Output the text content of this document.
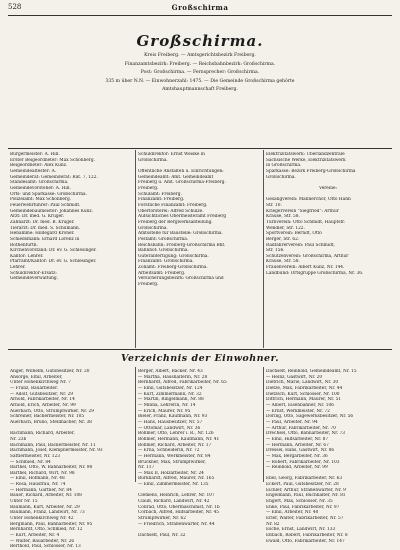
528	Großschirma
Großschirma.
Kreis Freiberg. — Amtsgerichtsbezirk Freiberg.
Finanzamtsbezirk: Freiberg. — Reichsbahnbezirk: Großschirma.
Post: Großschirma. — Fernsprecher: Großschirma.
335 m über N.N. — Einwohnerzahl: 1475. — Die Gemeinde Großschirma gehörte
Amtshauptmannschaft Freiberg.
Bürgermeister: A. Hill.
Erster Beigeordneter: Max Schönberg.
Beigeordneter: Alex Kunz.
Gemeindeältester: A.
Gemeinderat: Gemeinderat: Rat. 7, 122.
Standesamt: Großschirma.
Gemeindevorsteher: A. Hill.
Orts- und Sparkasse: Großschirma.
Polizeiamt: Max Schönberg.
Feuerwehrführer: Paul Schmidt.
Gemeindebaumeister: Johannes Kunz.
Arzt: Dr. med. G. Krüger.
Zahnarzt: Dr. med. B. Krüger.
Tierarzt: Dr. med. S. Schumann.
Hebamme: Hildegard Kröner.
Schiedsmann: Erhard Lorenz in
Rothenfurth.
Kirchenvorstand: Dr. ev. G. Schlesinger.
Kantor: Lehrer.
Pfarramt/Kantor: Dr. ev. G. Schlesinger.
Lehrer.
Schuldirektor-Ersatz:
Gemeindeverwaltung.
Schuldirektor: Ernst Weiske in
Großschirma.

Öffentliche Anstalten u. Einrichtungen:
Gemeindeamt: Amt. Gemeindeamt
Freiberg u. Amt. Großschirma-Freiberg.
Freiberg.
Schulamt: Freiberg.
Finanzamt: Freiberg.
Forstliche Finanzamt: Freiberg.
Oberförsterei: Alfred Schulze.
Aufsichtliches Obermeisteramt Freiberg
Freiberg der Bergwerksabteilung.
Großschirma.
Amtsstelle für Baustelle: Großschirma.
Postamt: Großschirma.
Reichsbahn: Freiberg-Großschirma Bhf.
Bahnhof: Großschirma.
Güterabfertigung: Großschirma.
Finanzamt: Großschirma.
Zollamt: Freiberg-Großschirma.
Arbeitsamt: Freiberg.
Versicherungsbezirk: Großschirma und
Freiberg.
Elektrizitätswerk: Überlandzentrale
Sächsische Werke, Elektrizitätswerk
in Großschirma.
Sparkasse: Bezirk Freiberg-Großschirma
Großschirma.

Vereine:

Gesangverein: Männerchor, Otto Hahn
Str. 10.
Kriegerverein "Siegfried": Arthur
Krause, Str. 58.
Turnverein: Otto Schmidt, Hauptstr.
Wendler, Str. 122.
Sportverein: Berndt, Otto
Berger, Str. 62.
Radfahrerverein: Paul Schmidt,
Str. 156.
Schützenverein: Großschirma, Arthur
Krause, Str. 58.
Frauenverein: Albert Kunz, Nr. 144.
Landbund: Ortsgruppe Großschirma, Nr. 36.
Verzeichnis der Einwohner.
Anger, Wilhelm, Gutsbesitzer, Nr. 20
Ansorge, Emil, Arbeiter,
Unter Hohenkirchweg Nr. 7
— Franz, Bauarbeiter.
— Adolf, Gutsbesitzer, Nr. 29
Arnold, Fabrikarbeiter, Nr. 14
Arnold, Erich, Arbeiter, Nr. 99
Auerbach, Otto, Strumpfwirker, Nr. 29
Schreiner, Bäckermeister, Nr. 105
Auerbach, Bruno, Stellmacher, Nr. 38

Bachmann, Richard, Arbeiter,
Nr. 23b
Bachmann, Paul, Bäckermeister, Nr. 11
Bachmann, Josef, Klempnermeister, Nr. 93
Sattlermeister, Nr. 123
— Schmied, Nr. 84
Barthel, Otto, W. Bahnarbeiter, Nr. 98
Barthel, Richard, Wirt, Nr. 98
— Emil, Hofmann, Nr. 48
— Rosa, Hausfrau, Nr. 74
— Hermann, Gärtner, Nr. 84
Bauer, Richard, Arbeiter, Nr. 108
Unter Nr. 15
Baumann, Kurt, Arbeiter, Nr. 29
Baumann, Franz, Landwirt, Nr. 73
Unter Hohenkirchweg Nr. 42
Bergmann, Paul, Bahnarbeiter, Nr. 95
Bernhardt, Otto, Schmied, Nr. 12
— Kurt, Arbeiter, Nr. 4
— Walter, Bauarbeiter, Nr. 26
Berthold, Paul, Schlosser, Nr. 13
Berger, Albert, Bäcker, Nr. 43
— Martha, Haushälterin, Nr. 28
Bernhardt, Alfred, Fabrikarbeiter, Nr. 65
— Emil, Gutsbesitzer, Nr. 124
— Kurt, Zimmermann, Nr. 32
— Martin, Ringelmann, Nr. 88
— Minna, Lehrerin, Nr. 14
— Erich, Maurer, Nr. 95
Bieler, Franz, Kaufmann, Nr. 93
— Hans, Hausbesitzer, Nr. 57
— Ottomar, Landwirt, Nr. 36
Böhmer, Otto, Lehrer i. R., Nr. 126
Böhmer, Hermann, Kaufmann, Nr. 41
Böhmer, Richard, Arbeiter, Nr. 17
— Erna, Schneiderin, Nr. 72
— Hermann, Werkmeister, Nr. 84
Brückner, Max, Strumpfwirker,
Nr. 117
— Max II, Holzarbeiter, Nr. 24
Burkhardt, Alfred, Maurer, Nr. 165
— Emil, Zimmermeister, Nr. 135

Clemens, Heinrich, Lehrer, Nr. 107
Clauß, Richard, Landwirt, Nr. 42
Conrad, Otto, Obermaschinist, Nr. 1b
Corbach, Alfred, Hilfsarbeiter, Nr. 45
Strumpfwirker, Nr. 62
— Friedrich, Straßenwärter, Nr. 44

Dachselt, Paul, Nr. 32
Dachselt, Reinhold, Gemeindeamt, Nr. 15
— Heinz, Gastwirt, Nr. 20
Dietrich, Marie, Landwirt, Nr. 30
Dietze, Max, Fabrikarbeiter, Nr. 44
Dietzsch, Kurt, Schlosser, Nr. 100
Dittrich, Hermann, Maurer, Nr. 51
— Albert, Eisenbahner, Nr. 106
— Ernst, Werkmeister, Nr. 72
Döring, Otto, Sägewerksbesitzer, Nr. 56
— Paul, Arbeiter, Nr. 94
— Arthur, Fabrikarbeiter, Nr. 70
Drechsel, Otto, Bahnarbeiter, Nr. 73
— Emil, Hilfsarbeiter, Nr. 87
— Hermann, Arbeiter, Nr. 67
Dressel, Hans, Gastwirt, Nr. 86
— Max, Bergarbeiter, Nr. 36
— Robert, Fabrikarbeiter, Nr. 103
— Reinhold, Arbeiter, Nr. 99

Ebel, Georg, Fabrikarbeiter, Nr. 63
Eckert, Paul, Gutsbesitzer, Nr. 28
Eichler, Arthur, Straßenwärter, Nr. 9
Engelmann, Paul, Buchhalter, Nr. 81
Engert, Max, Schlosser, Nr. 35
Enke, Paul, Fabrikarbeiter, Nr. 97
— Emil, Arbeiter, Nr. 40
Erler, Walter, Fabrikarbeiter, Nr. 57
Nr. 82
Esche, Ernst, Landwirt, Nr. 133
Eßbach, Robert, Fabrikarbeiter, Nr. 8
Ewald, Otto, Fabrikarbeiter, Nr. 147
